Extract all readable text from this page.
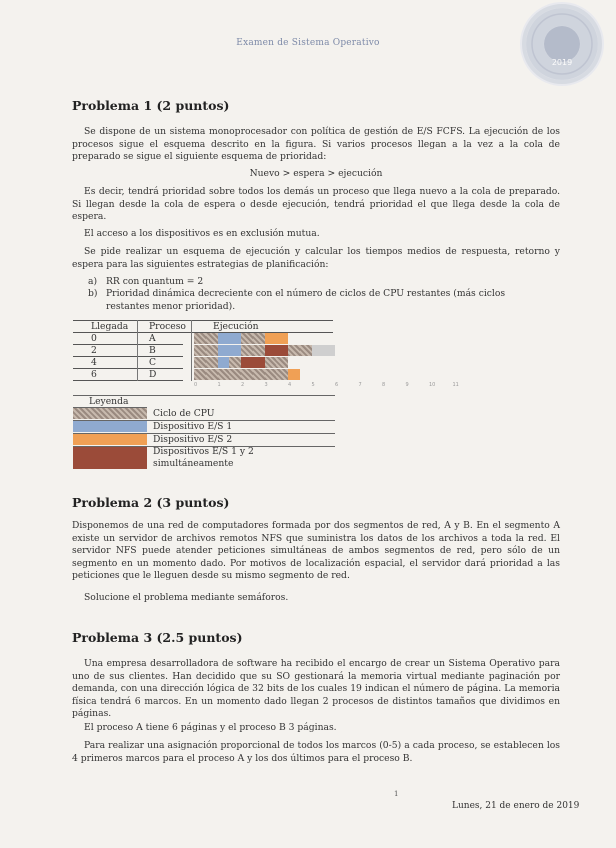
Examen de Sistema Operativo
2019
Problema 1 (2 puntos)

Se dispone de un sistema monoprocesador con política de gestión de E/S FCFS. La ejecución de los procesos sigue el esquema descrito en la figura. Si varios procesos llegan a la vez a la cola de preparado se sigue el siguiente esquema de prioridad:

Nuevo > espera > ejecución

Es decir, tendrá prioridad sobre todos los demás un proceso que llega nuevo a la cola de preparado. Si llegan desde la cola de espera o desde ejecución, tendrá prioridad el que llega desde la cola de espera.

El acceso a los dispositivos es en exclusión mutua.

Se pide realizar un esquema de ejecución y calcular los tiempos medios de respuesta, retorno y espera para las siguientes estrategias de planificación:

a) RR con quantum = 2
b) Prioridad dinámica decreciente con el número de ciclos de CPU restantes (más ciclos restantes menor prioridad).
Llegada Proceso	Ejecución
0	A
2	B
4	C
6	D
0	1	2	3	4	5	6	7	8	9	10	11
Leyenda
Ciclo de CPU
Dispositivo E/S 1
Dispositivo E/S 2
Dispositivos E/S 1 y 2 simultáneamente
Problema 2 (3 puntos)

Disponemos de una red de computadores formada por dos segmentos de red, A y B. En el segmento A existe un servidor de archivos remotos NFS que suministra los datos de los archivos a toda la red. El servidor NFS puede atender peticiones simultáneas de ambos segmentos de red, pero sólo de un segmento en un momento dado. Por motivos de localización espacial, el servidor dará prioridad a las peticiones que le lleguen desde su mismo segmento de red.

Solucione el problema mediante semáforos.

Problema 3 (2.5 puntos)

Una empresa desarrolladora de software ha recibido el encargo de crear un Sistema Operativo para uno de sus clientes. Han decidido que su SO gestionará la memoria virtual mediante paginación por demanda, con una dirección lógica de 32 bits de los cuales 19 indican el número de página. La memoria física tendrá 6 marcos. En un momento dado llegan 2 procesos de distintos tamaños que dividimos en páginas.

El proceso A tiene 6 páginas y el proceso B 3 páginas.

Para realizar una asignación proporcional de todos los marcos (0-5) a cada proceso, se establecen los 4 primeros marcos para el proceso A y los dos últimos para el proceso B.

1
Lunes, 21 de enero de 2019
